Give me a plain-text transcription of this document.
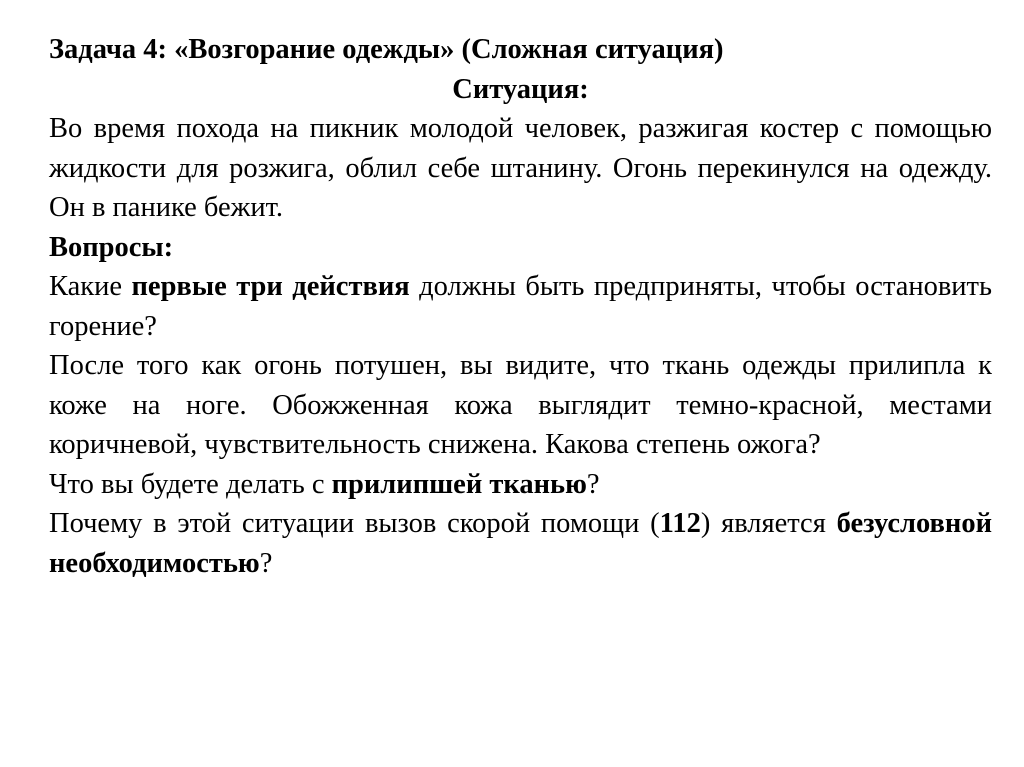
Задача 4: «Возгорание одежды» (Сложная ситуация)

Ситуация:

Во время похода на пикник молодой человек, разжигая костер с помощью жидкости для розжига, облил себе штанину. Огонь перекинулся на одежду. Он в панике бежит.

Вопросы:

Какие первые три действия должны быть предприняты, чтобы остановить горение?

После того как огонь потушен, вы видите, что ткань одежды прилипла к коже на ноге. Обожженная кожа выглядит темно-красной, местами коричневой, чувствительность снижена. Какова степень ожога?

Что вы будете делать с прилипшей тканью?

Почему в этой ситуации вызов скорой помощи (112) является безусловной необходимостью?
